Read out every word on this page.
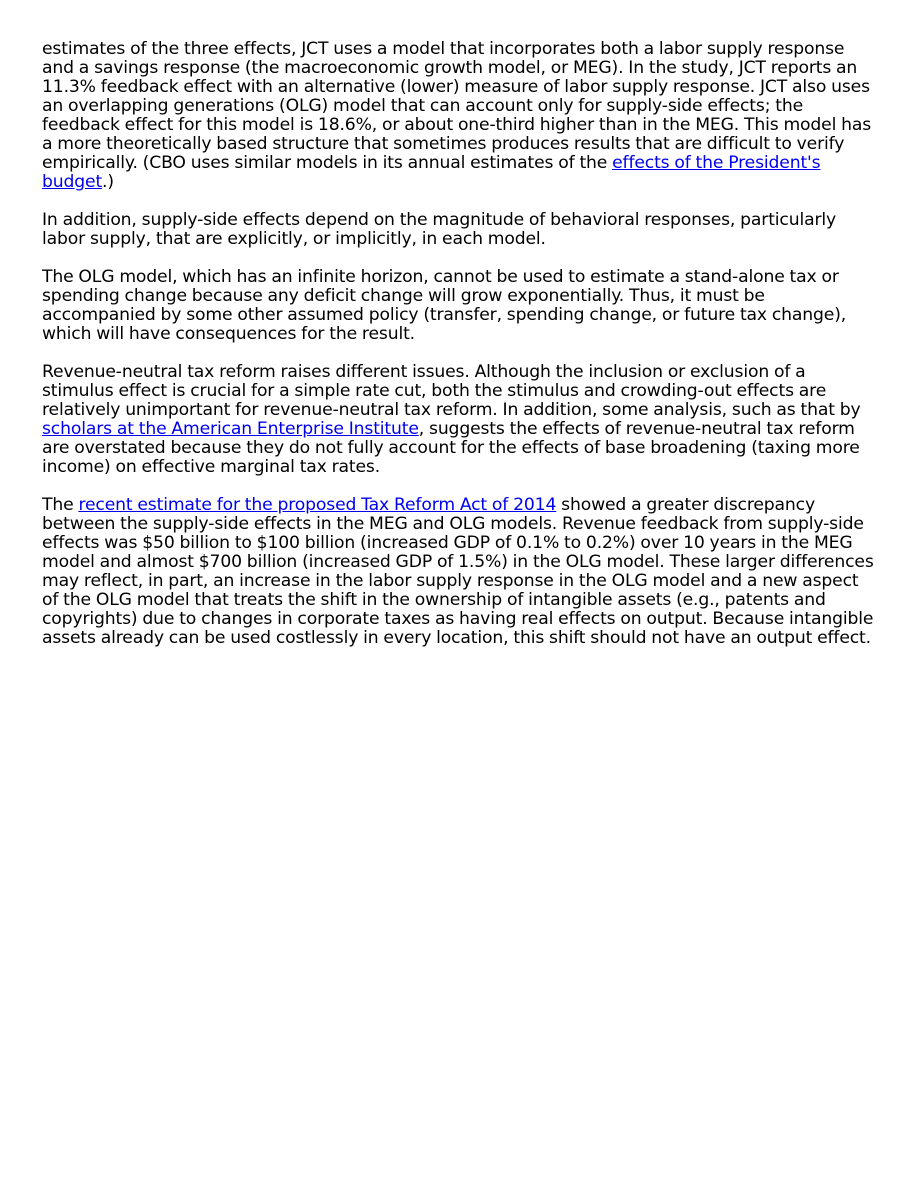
estimates of the three effects, JCT uses a model that incorporates both a labor supply response and a savings response (the macroeconomic growth model, or MEG). In the study, JCT reports an 11.3% feedback effect with an alternative (lower) measure of labor supply response. JCT also uses an overlapping generations (OLG) model that can account only for supply-side effects; the feedback effect for this model is 18.6%, or about one-third higher than in the MEG. This model has a more theoretically based structure that sometimes produces results that are difficult to verify empirically. (CBO uses similar models in its annual estimates of the effects of the President's budget.)

In addition, supply-side effects depend on the magnitude of behavioral responses, particularly labor supply, that are explicitly, or implicitly, in each model.

The OLG model, which has an infinite horizon, cannot be used to estimate a stand-alone tax or spending change because any deficit change will grow exponentially. Thus, it must be accompanied by some other assumed policy (transfer, spending change, or future tax change), which will have consequences for the result.

Revenue-neutral tax reform raises different issues. Although the inclusion or exclusion of a stimulus effect is crucial for a simple rate cut, both the stimulus and crowding-out effects are relatively unimportant for revenue-neutral tax reform. In addition, some analysis, such as that by scholars at the American Enterprise Institute, suggests the effects of revenue-neutral tax reform are overstated because they do not fully account for the effects of base broadening (taxing more income) on effective marginal tax rates.

The recent estimate for the proposed Tax Reform Act of 2014 showed a greater discrepancy between the supply-side effects in the MEG and OLG models. Revenue feedback from supply-side effects was $50 billion to $100 billion (increased GDP of 0.1% to 0.2%) over 10 years in the MEG model and almost $700 billion (increased GDP of 1.5%) in the OLG model. These larger differences may reflect, in part, an increase in the labor supply response in the OLG model and a new aspect of the OLG model that treats the shift in the ownership of intangible assets (e.g., patents and copyrights) due to changes in corporate taxes as having real effects on output. Because intangible assets already can be used costlessly in every location, this shift should not have an output effect.
